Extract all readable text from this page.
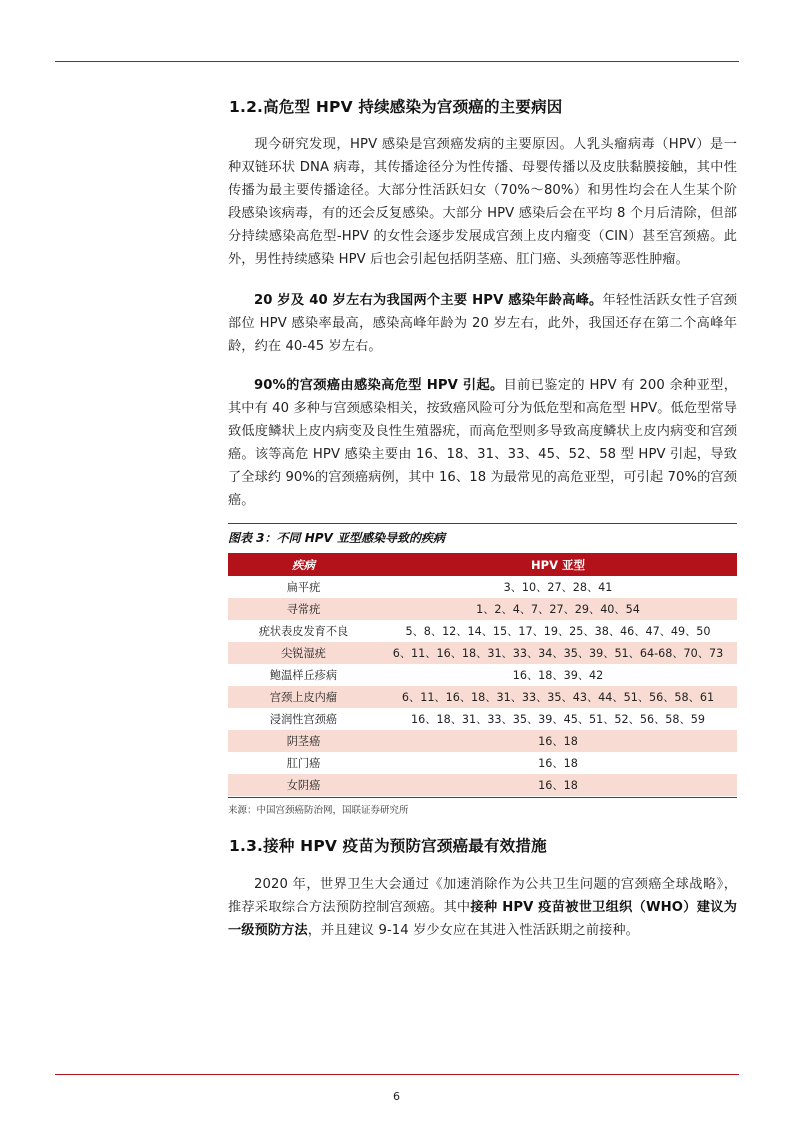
1.2.高危型 HPV 持续感染为宫颈癌的主要病因
现今研究发现，HPV 感染是宫颈癌发病的主要原因。人乳头瘤病毒（HPV）是一种双链环状 DNA 病毒，其传播途径分为性传播、母婴传播以及皮肤黏膜接触，其中性传播为最主要传播途径。大部分性活跃妇女（70%～80%）和男性均会在人生某个阶段感染该病毒，有的还会反复感染。大部分 HPV 感染后会在平均 8 个月后清除，但部分持续感染高危型-HPV 的女性会逐步发展成宫颈上皮内瘤变（CIN）甚至宫颈癌。此外，男性持续感染 HPV 后也会引起包括阴茎癌、肛门癌、头颈癌等恶性肿瘤。
20 岁及 40 岁左右为我国两个主要 HPV 感染年龄高峰。年轻性活跃女性子宫颈部位 HPV 感染率最高，感染高峰年龄为 20 岁左右，此外，我国还存在第二个高峰年龄，约在 40-45 岁左右。
90%的宫颈癌由感染高危型 HPV 引起。目前已鉴定的 HPV 有 200 余种亚型，其中有 40 多种与宫颈感染相关，按致癌风险可分为低危型和高危型 HPV。低危型常导致低度鳞状上皮内病变及良性生殖器疣，而高危型则多导致高度鳞状上皮内病变和宫颈癌。该等高危 HPV 感染主要由 16、18、31、33、45、52、58 型 HPV 引起，导致了全球约 90%的宫颈癌病例，其中 16、18 为最常见的高危亚型，可引起 70%的宫颈癌。
图表 3：不同 HPV 亚型感染导致的疾病
疾病	HPV 亚型
扁平疣	3、10、27、28、41
寻常疣	1、2、4、7、27、29、40、54
疣状表皮发育不良	5、8、12、14、15、17、19、25、38、46、47、49、50
尖锐湿疣	6、11、16、18、31、33、34、35、39、51、64-68、70、73
鲍温样丘疹病	16、18、39、42
宫颈上皮内瘤	6、11、16、18、31、33、35、43、44、51、56、58、61
浸润性宫颈癌	16、18、31、33、35、39、45、51、52、56、58、59
阴茎癌	16、18
肛门癌	16、18
女阴癌	16、18
来源：中国宫颈癌防治网，国联证券研究所
1.3.接种 HPV 疫苗为预防宫颈癌最有效措施
2020 年，世界卫生大会通过《加速消除作为公共卫生问题的宫颈癌全球战略》，推荐采取综合方法预防控制宫颈癌。其中接种 HPV 疫苗被世卫组织（WHO）建议为一级预防方法，并且建议 9-14 岁少女应在其进入性活跃期之前接种。
6
